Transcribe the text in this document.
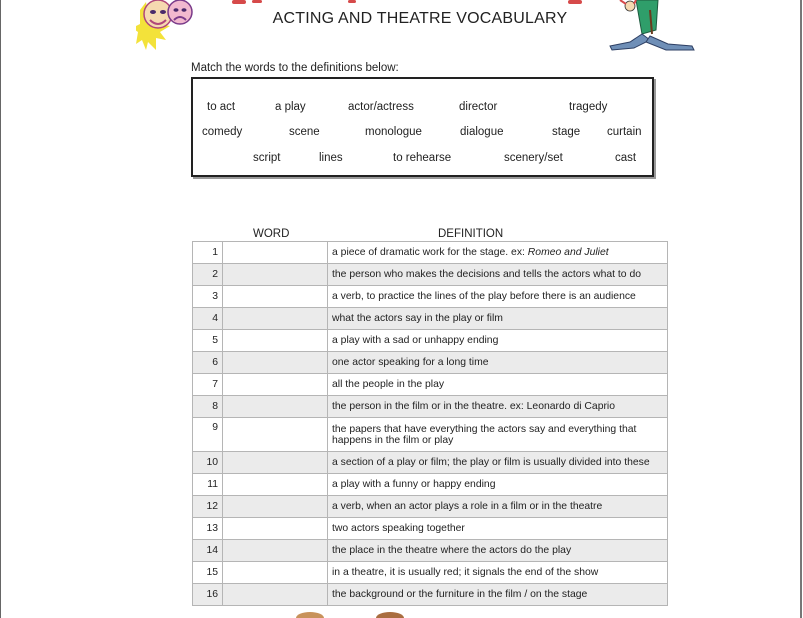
ACTING AND THEATRE VOCABULARY
Match the words to the definitions below:
to act	a play	actor/actress	director	tragedy
comedy	scene	monologue	dialogue	stage curtain
script	lines	to rehearse	scenery/set	cast
WORD	DEFINITION
1		a piece of dramatic work for the stage. ex: Romeo and Juliet
2		the person who makes the decisions and tells the actors what to do
3		a verb, to practice the lines of the play before there is an audience
4		what the actors say in the play or film
5		a play with a sad or unhappy ending
6		one actor speaking for a long time
7		all the people in the play
8		the person in the film or in the theatre. ex: Leonardo di Caprio
9		the papers that have everything the actors say and everything that happens in the film or play
10		a section of a play or film; the play or film is usually divided into these
11		a play with a funny or happy ending
12		a verb, when an actor plays a role in a film or in the theatre
13		two actors speaking together
14		the place in the theatre where the actors do the play
15		in a theatre, it is usually red; it signals the end of the show
16		the background or the furniture in the film / on the stage
